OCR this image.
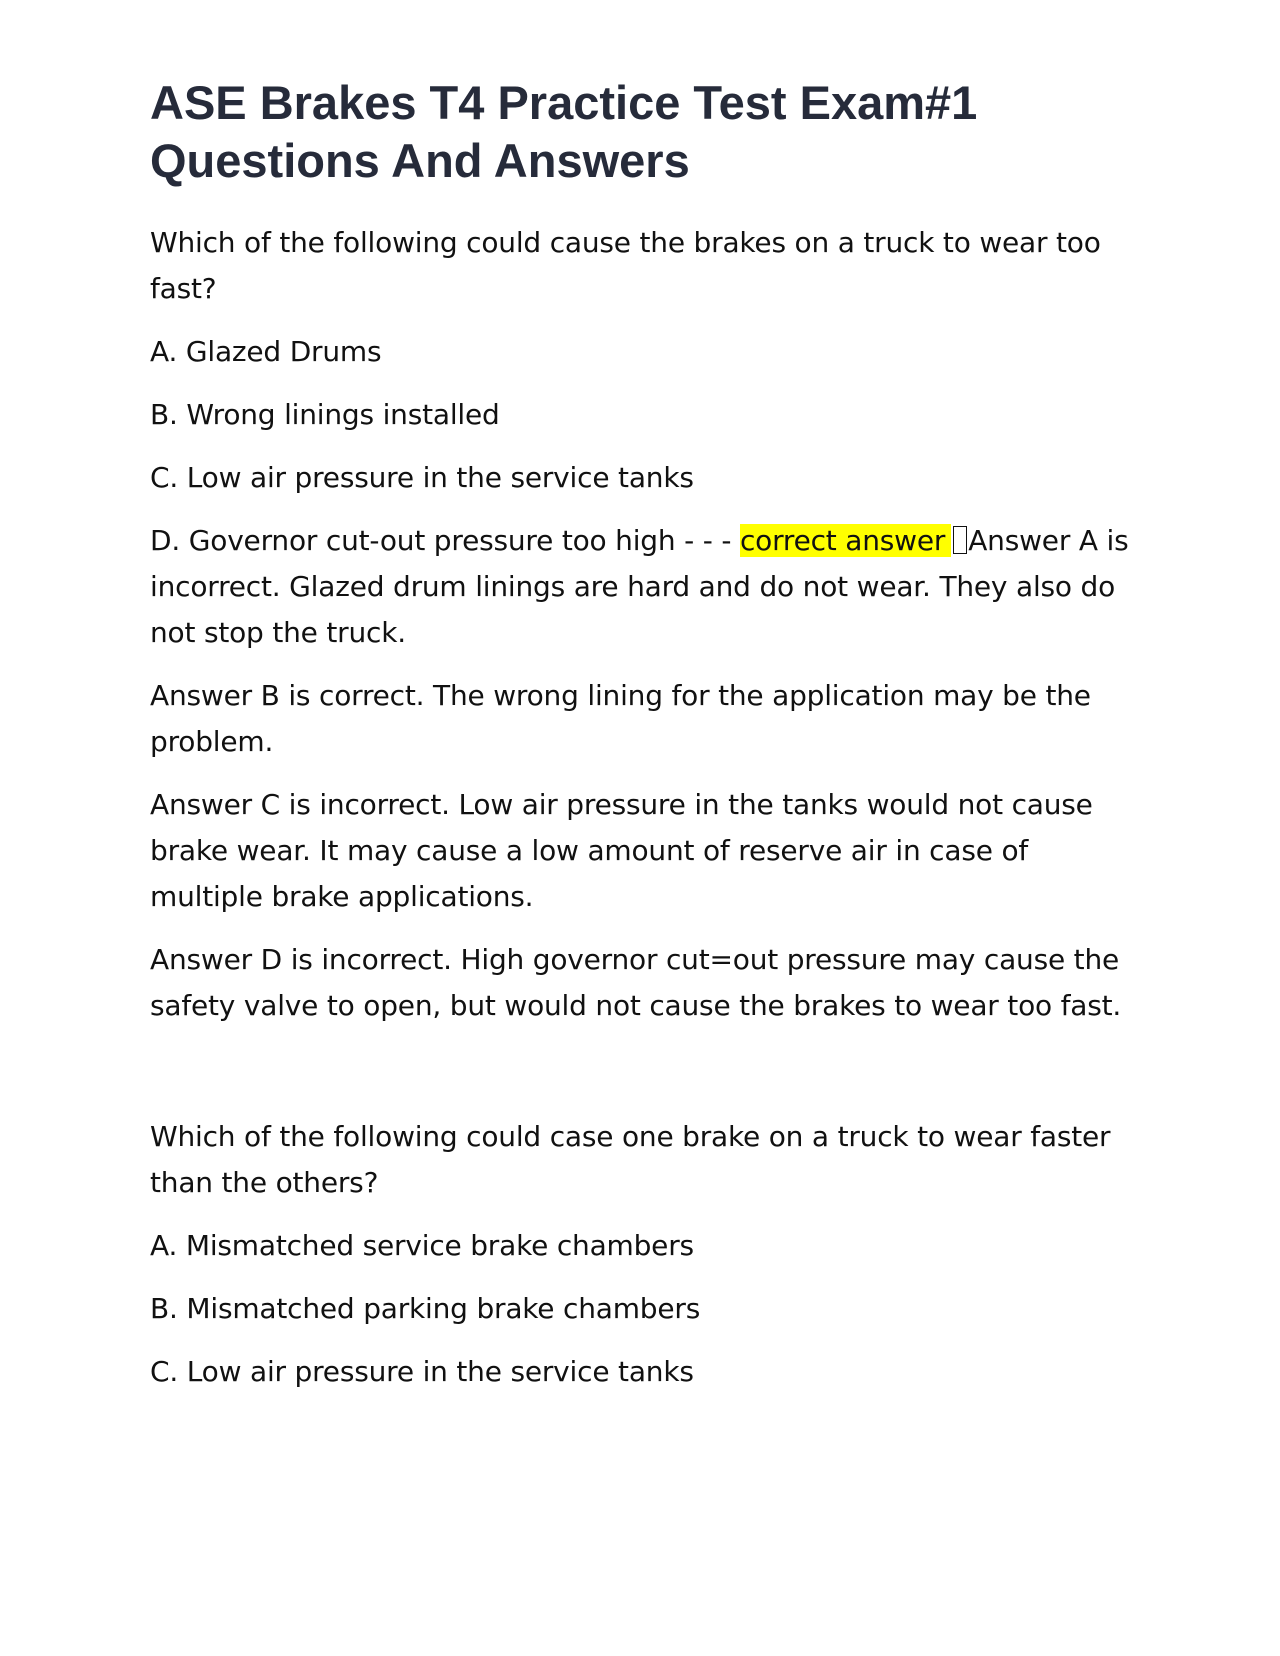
ASE Brakes T4 Practice Test Exam#1 Questions And Answers

Which of the following could cause the brakes on a truck to wear too fast?

A. Glazed Drums

B. Wrong linings installed

C. Low air pressure in the service tanks

D. Governor cut-out pressure too high - - - correct answer Answer A is incorrect. Glazed drum linings are hard and do not wear. They also do not stop the truck.

Answer B is correct. The wrong lining for the application may be the problem.

Answer C is incorrect. Low air pressure in the tanks would not cause brake wear. It may cause a low amount of reserve air in case of multiple brake applications.

Answer D is incorrect. High governor cut=out pressure may cause the safety valve to open, but would not cause the brakes to wear too fast.

Which of the following could case one brake on a truck to wear faster than the others?

A. Mismatched service brake chambers

B. Mismatched parking brake chambers

C. Low air pressure in the service tanks
